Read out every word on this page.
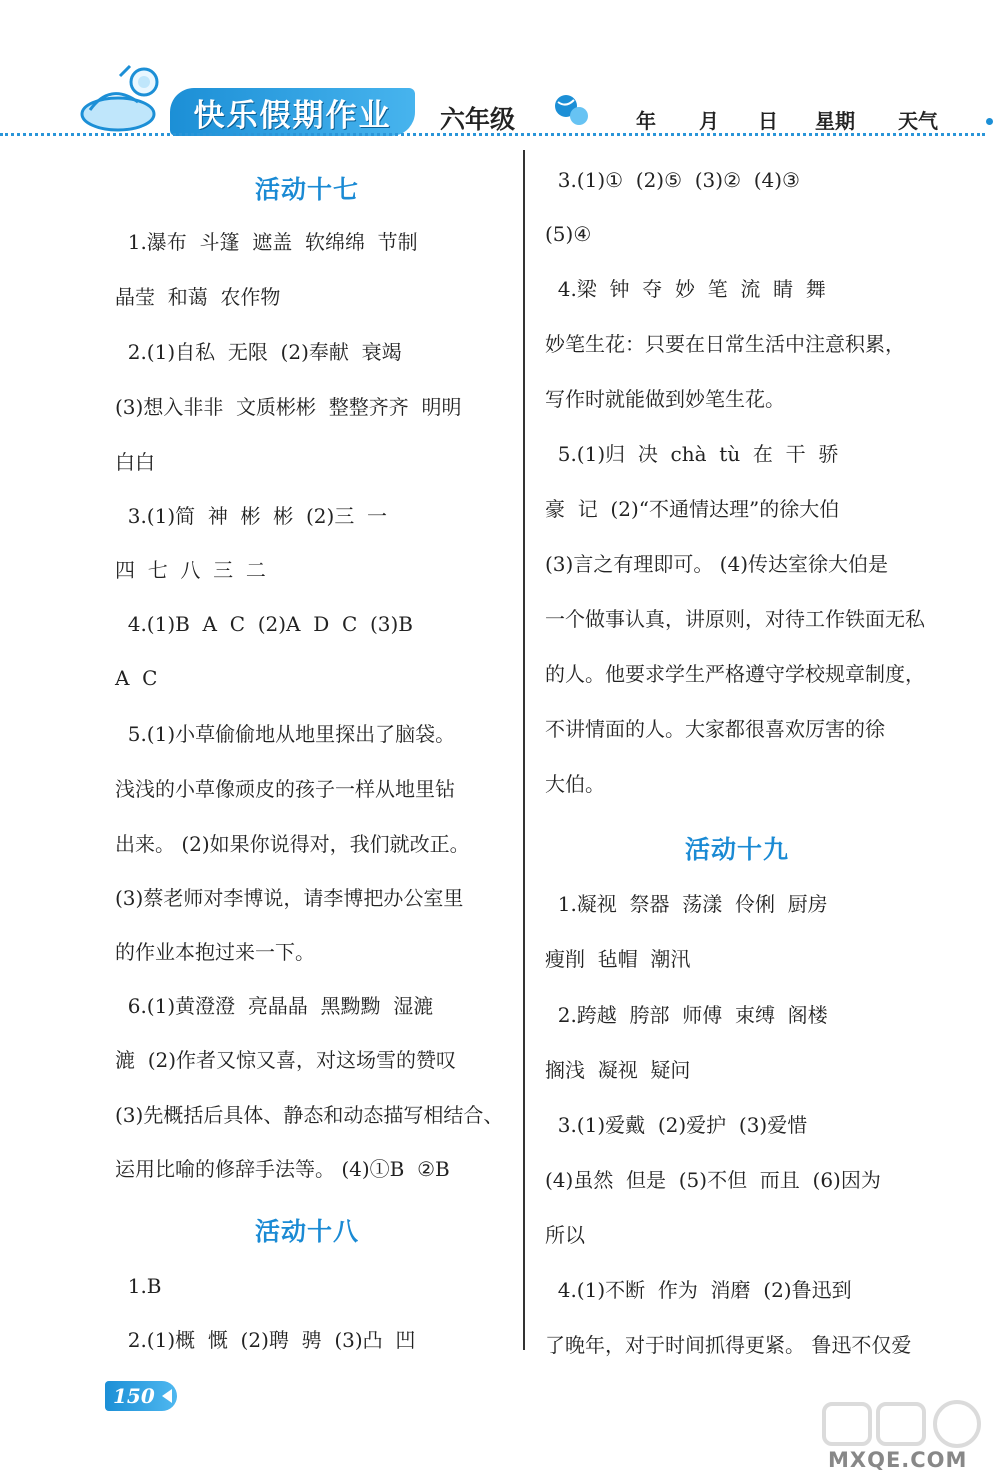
快乐假期作业	六年级	年 月 日 星期 天气
活动十七
1.瀑布  斗篷  遮盖  软绵绵  节制
晶莹  和蔼  农作物
2.(1)自私  无限  (2)奉献  衰竭
(3)想入非非  文质彬彬  整整齐齐  明明
白白
3.(1)简  神  彬  彬  (2)三  一
四  七  八  三  二
4.(1)B  A  C  (2)A  D  C  (3)B
A  C
5.(1)小草偷偷地从地里探出了脑袋。
浅浅的小草像顽皮的孩子一样从地里钻
出来。 (2)如果你说得对，我们就改正。
(3)蔡老师对李博说，请李博把办公室里
的作业本抱过来一下。
6.(1)黄澄澄  亮晶晶  黑黝黝  湿漉
漉  (2)作者又惊又喜，对这场雪的赞叹
(3)先概括后具体、静态和动态描写相结合、
运用比喻的修辞手法等。 (4)①B  ②B
活动十八
1.B
2.(1)概  慨  (2)聘  骋  (3)凸  凹
3.(1)①  (2)⑤  (3)②  (4)③
(5)④
4.梁  钟  夺  妙  笔  流  睛  舞
妙笔生花：只要在日常生活中注意积累，
写作时就能做到妙笔生花。
5.(1)归  决  chà  tù  在  干  骄
豪  记  (2)“不通情达理”的徐大伯
(3)言之有理即可。 (4)传达室徐大伯是
一个做事认真，讲原则，对待工作铁面无私
的人。他要求学生严格遵守学校规章制度，
不讲情面的人。大家都很喜欢厉害的徐
大伯。
活动十九
1.凝视  祭器  荡漾  伶俐  厨房
瘦削  毡帽  潮汛
2.跨越  胯部  师傅  束缚  阁楼
搁浅  凝视  疑问
3.(1)爱戴  (2)爱护  (3)爱惜
(4)虽然  但是  (5)不但  而且  (6)因为
所以
4.(1)不断  作为  消磨  (2)鲁迅到
了晚年，对于时间抓得更紧。 鲁迅不仅爱
150
MXQE.COM
